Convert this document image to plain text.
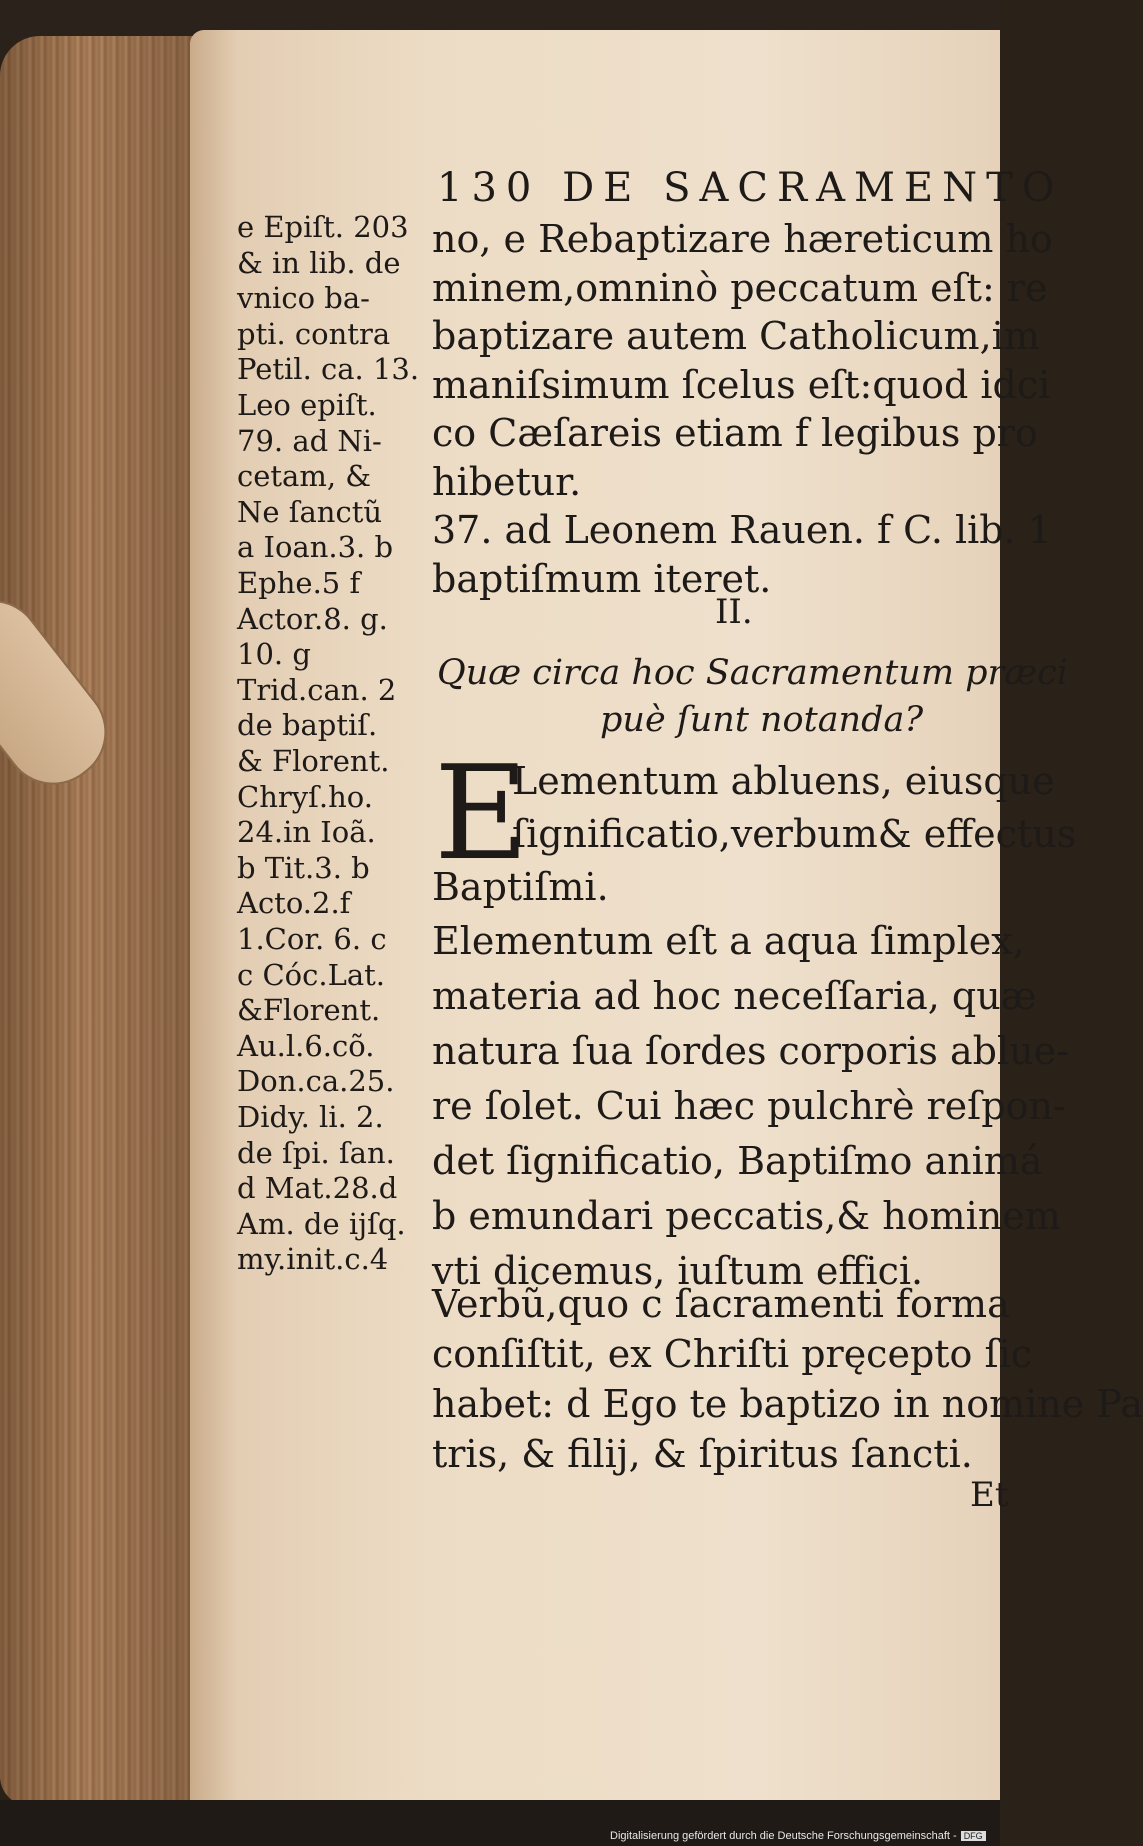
130 DE SACRAMENTO
e Epiſt. 203
& in lib. de
vnico ba-
pti. contra
Petil. ca. 13.
Leo epiſt.
79. ad Ni-
cetam, &
Ne ſanctũ
a Ioan.3. b
Ephe.5 f
Actor.8. g.
10. g
Trid.can. 2
de baptiſ.
& Florent.
Chryſ.ho.
24.in Ioã.
b Tit.3. b
Acto.2.f
1.Cor. 6. c
c Cóc.Lat.
&Florent.
Au.l.6.cõ.
Don.ca.25.
Didy. li. 2.
de ſpi. ſan.
d Mat.28.d
Am. de ijſq.
my.init.c.4
no, e Rebaptizare hæreticum ho
minem,omninò peccatum eſt: re
baptizare autem Catholicum,im
maniſsimum ſcelus eſt:quod idci
co Cæſareis etiam f legibus pro
hibetur.
37. ad Leonem Rauen. f C. lib. 1
baptiſmum iteret.
II.
Quæ circa hoc Sacramentum præci
puè ſunt notanda?
E
Lementum abluens, eiusque
ſignificatio,verbum& effectus
Baptiſmi.
Elementum eſt a aqua ſimplex,
materia ad hoc neceſſaria, quæ
natura ſua ſordes corporis ablue-
re ſolet. Cui hæc pulchrè reſpon-
det ſignificatio, Baptiſmo animá
b emundari peccatis,& hominem
vti dicemus, iuſtum effici.
Verbũ,quo c ſacramenti forma
conſiſtit, ex Chriſti pręcepto ſic
habet: d Ego te baptizo in nomine Pa
tris, & filij, & ſpiritus ſancti.
Et
Digitalisierung gefördert durch die Deutsche Forschungsgemeinschaft - DFG
